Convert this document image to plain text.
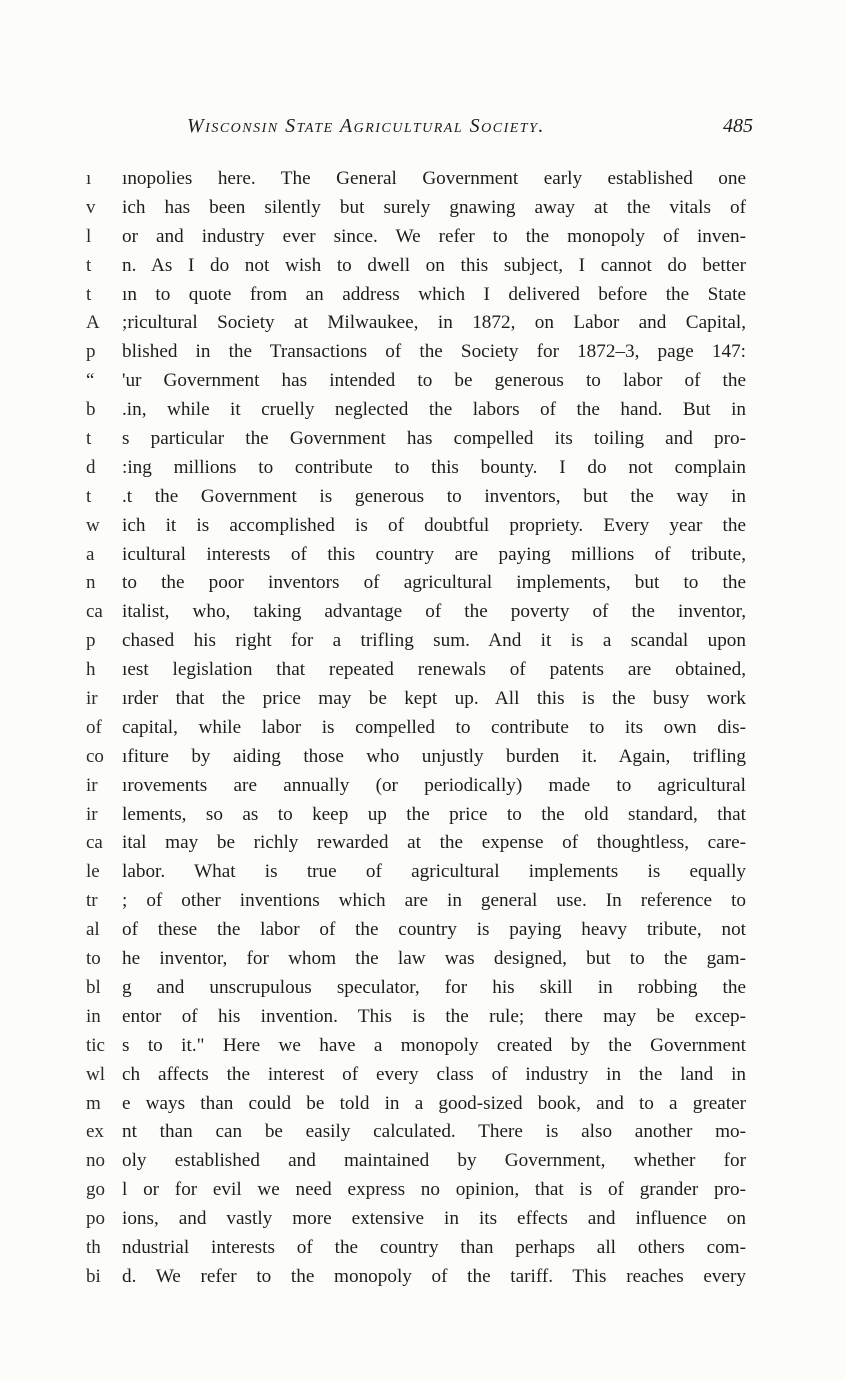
Wisconsin State Agricultural Society.	485
ı	ınopolies here. The General Government early established one
v	ich has been silently but surely gnawing away at the vitals of
l	or and industry ever since. We refer to the monopoly of inven-
t	n. As I do not wish to dwell on this subject, I cannot do better
t	ın to quote from an address which I delivered before the State
A	;ricultural Society at Milwaukee, in 1872, on Labor and Capital,
p	blished in the Transactions of the Society for 1872–3, page 147:
“	'ur Government has intended to be generous to labor of the
b	.in, while it cruelly neglected the labors of the hand. But in
t	s particular the Government has compelled its toiling and pro-
d	:ing millions to contribute to this bounty. I do not complain
t	.t the Government is generous to inventors, but the way in
w	ich it is accomplished is of doubtful propriety. Every year the
a	icultural interests of this country are paying millions of tribute,
n	to the poor inventors of agricultural implements, but to the
ca italist, who, taking advantage of the poverty of the inventor,
p	chased his right for a trifling sum. And it is a scandal upon
h	ıest legislation that repeated renewals of patents are obtained,
ir	ırder that the price may be kept up. All this is the busy work
of	capital, while labor is compelled to contribute to its own dis-
co ıfiture by aiding those who unjustly burden it. Again, trifling
ir	ırovements are annually (or periodically) made to agricultural
ir	lements, so as to keep up the price to the old standard, that
ca ital may be richly rewarded at the expense of thoughtless, care-
le	labor. What is true of agricultural implements is equally
tr	; of other inventions which are in general use. In reference to
al	of these the labor of the country is paying heavy tribute, not
to	he inventor, for whom the law was designed, but to the gam-
bl	g and unscrupulous speculator, for his skill in robbing the
in	entor of his invention. This is the rule; there may be excep-
tic s to it." Here we have a monopoly created by the Government
wl ch affects the interest of every class of industry in the land in
m	e ways than could be told in a good-sized book, and to a greater
ex nt than can be easily calculated. There is also another mo-
no oly established and maintained by Government, whether for
go l or for evil we need express no opinion, that is of grander pro-
po ions, and vastly more extensive in its effects and influence on
th	ndustrial interests of the country than perhaps all others com-
bi	d. We refer to the monopoly of the tariff. This reaches every
